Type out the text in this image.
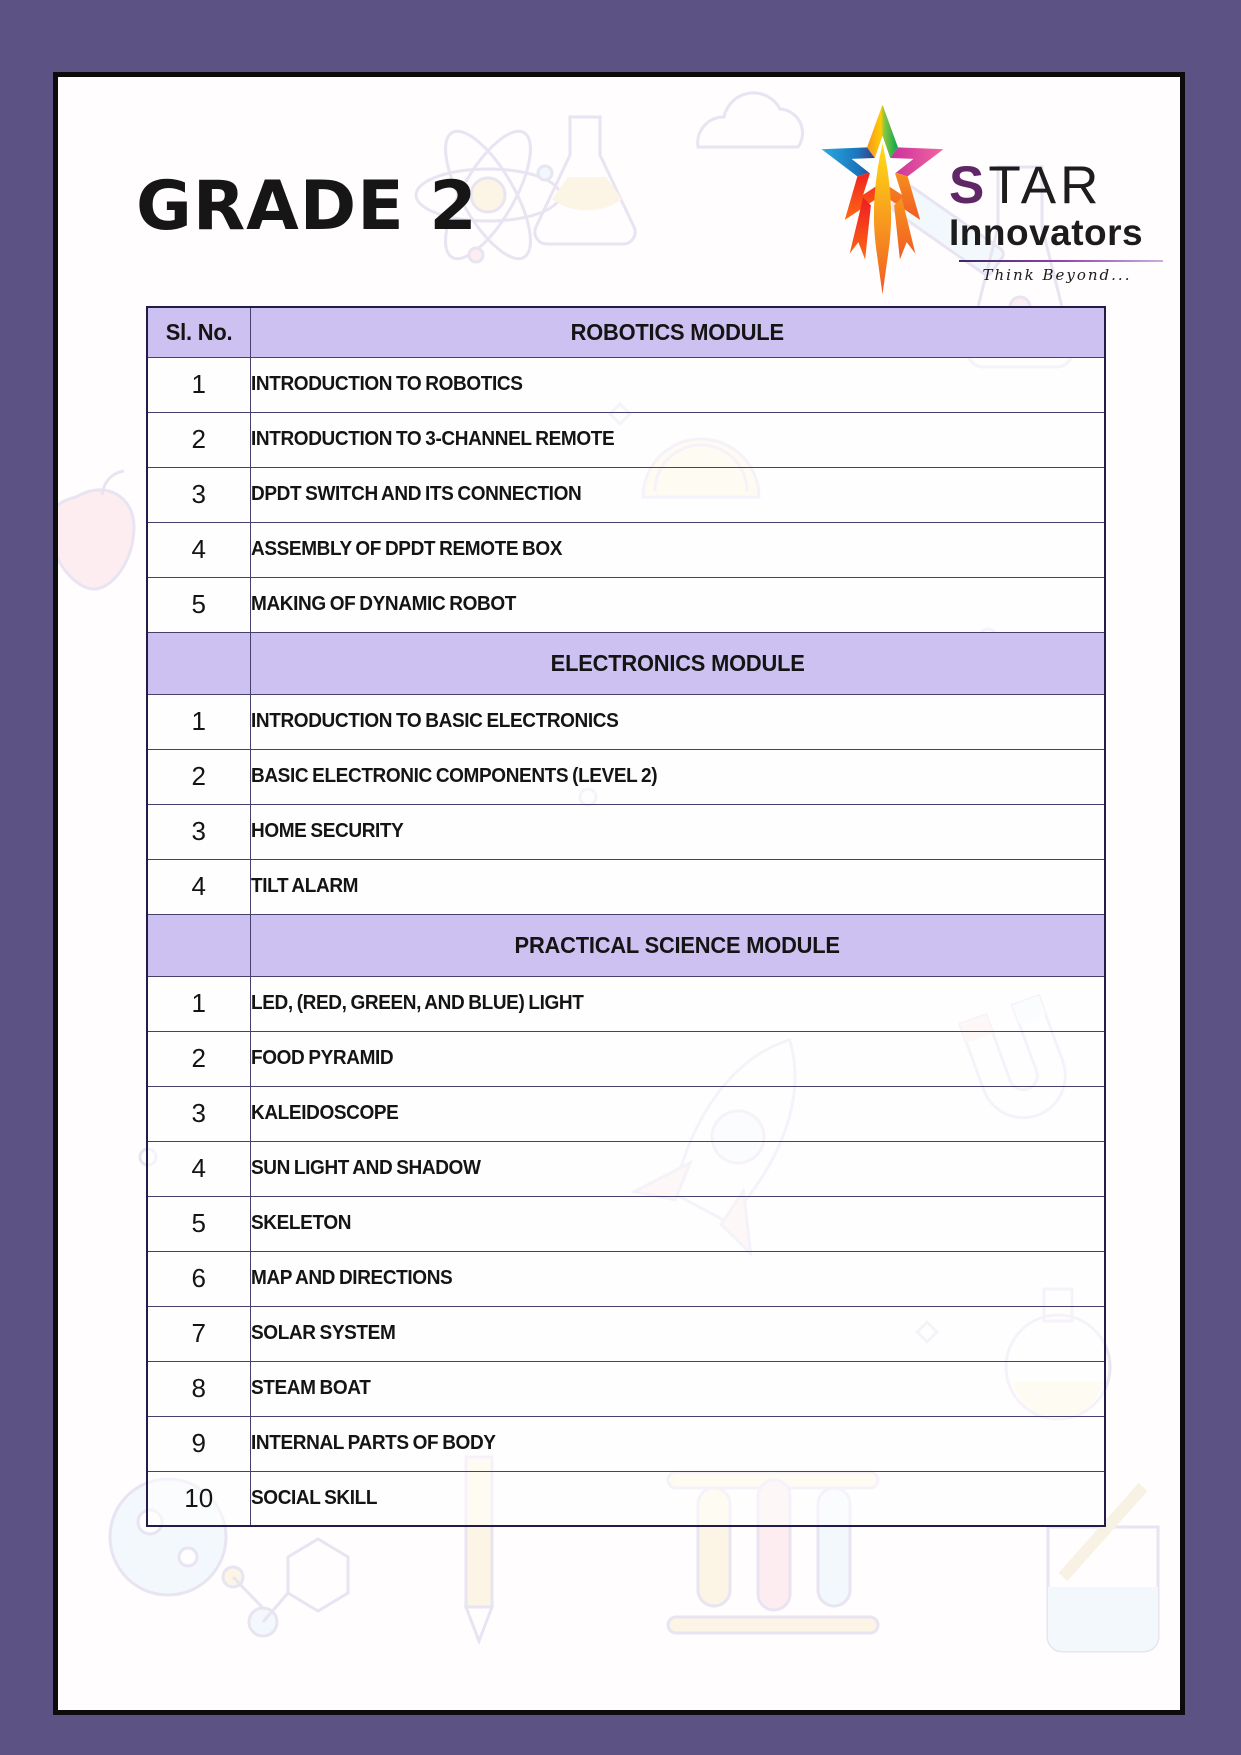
GRADE 2	STAR
Innovators
Think Beyond...
Sl. No.	ROBOTICS MODULE
1	INTRODUCTION TO ROBOTICS
2	INTRODUCTION TO 3-CHANNEL REMOTE
3	DPDT SWITCH AND ITS CONNECTION
4	ASSEMBLY OF DPDT REMOTE BOX
5	MAKING OF DYNAMIC ROBOT
	ELECTRONICS MODULE
1	INTRODUCTION TO BASIC ELECTRONICS
2	BASIC ELECTRONIC COMPONENTS (LEVEL 2)
3	HOME SECURITY
4	TILT ALARM
	PRACTICAL SCIENCE MODULE
1	LED, (RED, GREEN, AND BLUE) LIGHT
2	FOOD PYRAMID
3	KALEIDOSCOPE
4	SUN LIGHT AND SHADOW
5	SKELETON
6	MAP AND DIRECTIONS
7	SOLAR SYSTEM
8	STEAM BOAT
9	INTERNAL PARTS OF BODY
10	SOCIAL SKILL
